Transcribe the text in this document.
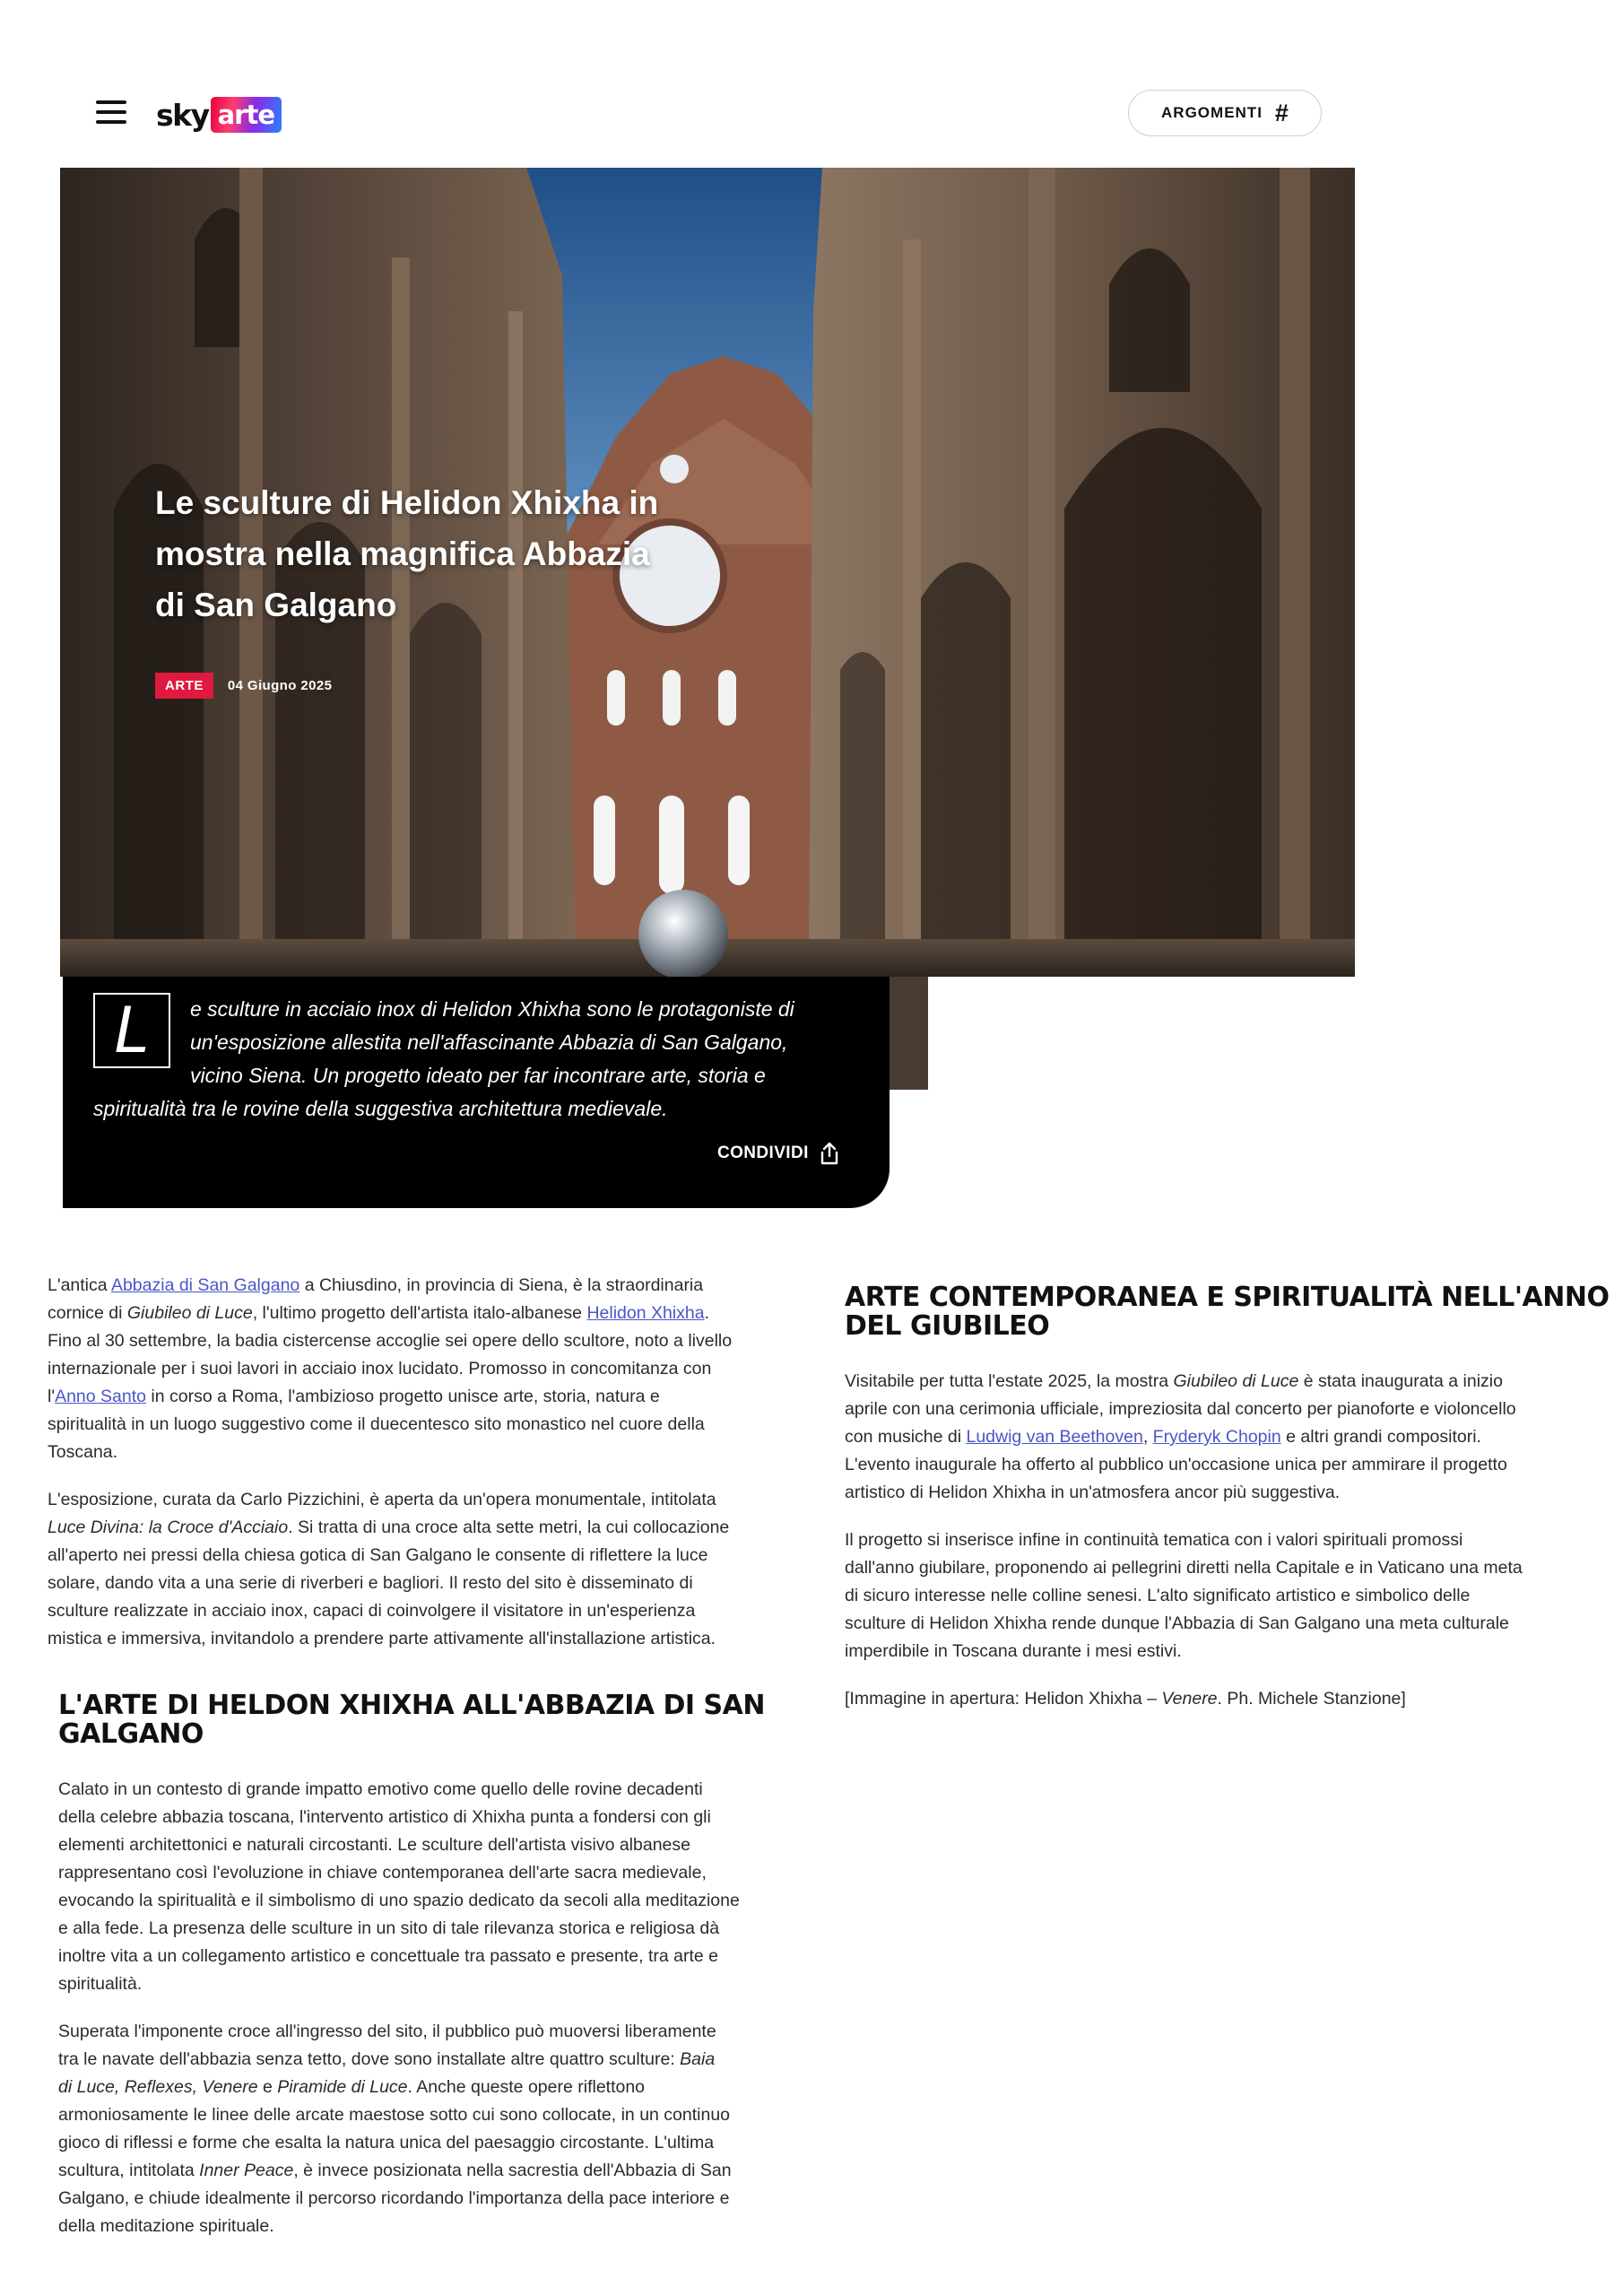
sky arte	ARGOMENTI #
Le sculture di Helidon Xhixha in
mostra nella magnifica Abbazia
di San Galgano
ARTE	04 Giugno 2025
L	e sculture in acciaio inox di Helidon Xhixha sono le protagoniste di
un'esposizione allestita nell'affascinante Abbazia di San Galgano,
vicino Siena. Un progetto ideato per far incontrare arte, storia e
spiritualità tra le rovine della suggestiva architettura medievale.
CONDIVIDI
L'antica Abbazia di San Galgano a Chiusdino, in provincia di Siena, è la straordinaria
cornice di Giubileo di Luce, l'ultimo progetto dell'artista italo-albanese Helidon Xhixha.
Fino al 30 settembre, la badia cistercense accoglie sei opere dello scultore, noto a livello
internazionale per i suoi lavori in acciaio inox lucidato. Promosso in concomitanza con
l'Anno Santo in corso a Roma, l'ambizioso progetto unisce arte, storia, natura e
spiritualità in un luogo suggestivo come il duecentesco sito monastico nel cuore della
Toscana.
L'esposizione, curata da Carlo Pizzichini, è aperta da un'opera monumentale, intitolata
Luce Divina: la Croce d'Acciaio. Si tratta di una croce alta sette metri, la cui collocazione
all'aperto nei pressi della chiesa gotica di San Galgano le consente di riflettere la luce
solare, dando vita a una serie di riverberi e bagliori. Il resto del sito è disseminato di
sculture realizzate in acciaio inox, capaci di coinvolgere il visitatore in un'esperienza
mistica e immersiva, invitandolo a prendere parte attivamente all'installazione artistica.
L'ARTE DI HELDON XHIXHA ALL'ABBAZIA DI SAN
GALGANO
Calato in un contesto di grande impatto emotivo come quello delle rovine decadenti
della celebre abbazia toscana, l'intervento artistico di Xhixha punta a fondersi con gli
elementi architettonici e naturali circostanti. Le sculture dell'artista visivo albanese
rappresentano così l'evoluzione in chiave contemporanea dell'arte sacra medievale,
evocando la spiritualità e il simbolismo di uno spazio dedicato da secoli alla meditazione
e alla fede. La presenza delle sculture in un sito di tale rilevanza storica e religiosa dà
inoltre vita a un collegamento artistico e concettuale tra passato e presente, tra arte e
spiritualità.
Superata l'imponente croce all'ingresso del sito, il pubblico può muoversi liberamente
tra le navate dell'abbazia senza tetto, dove sono installate altre quattro sculture: Baia
di Luce, Reflexes, Venere e Piramide di Luce. Anche queste opere riflettono
armoniosamente le linee delle arcate maestose sotto cui sono collocate, in un continuo
gioco di riflessi e forme che esalta la natura unica del paesaggio circostante. L'ultima
scultura, intitolata Inner Peace, è invece posizionata nella sacrestia dell'Abbazia di San
Galgano, e chiude idealmente il percorso ricordando l'importanza della pace interiore e
della meditazione spirituale.
ARTE CONTEMPORANEA E SPIRITUALITÀ NELL'ANNO
DEL GIUBILEO
Visitabile per tutta l'estate 2025, la mostra Giubileo di Luce è stata inaugurata a inizio
aprile con una cerimonia ufficiale, impreziosita dal concerto per pianoforte e violoncello
con musiche di Ludwig van Beethoven, Fryderyk Chopin e altri grandi compositori.
L'evento inaugurale ha offerto al pubblico un'occasione unica per ammirare il progetto
artistico di Helidon Xhixha in un'atmosfera ancor più suggestiva.
Il progetto si inserisce infine in continuità tematica con i valori spirituali promossi
dall'anno giubilare, proponendo ai pellegrini diretti nella Capitale e in Vaticano una meta
di sicuro interesse nelle colline senesi. L'alto significato artistico e simbolico delle
sculture di Helidon Xhixha rende dunque l'Abbazia di San Galgano una meta culturale
imperdibile in Toscana durante i mesi estivi.
[Immagine in apertura: Helidon Xhixha – Venere. Ph. Michele Stanzione]
